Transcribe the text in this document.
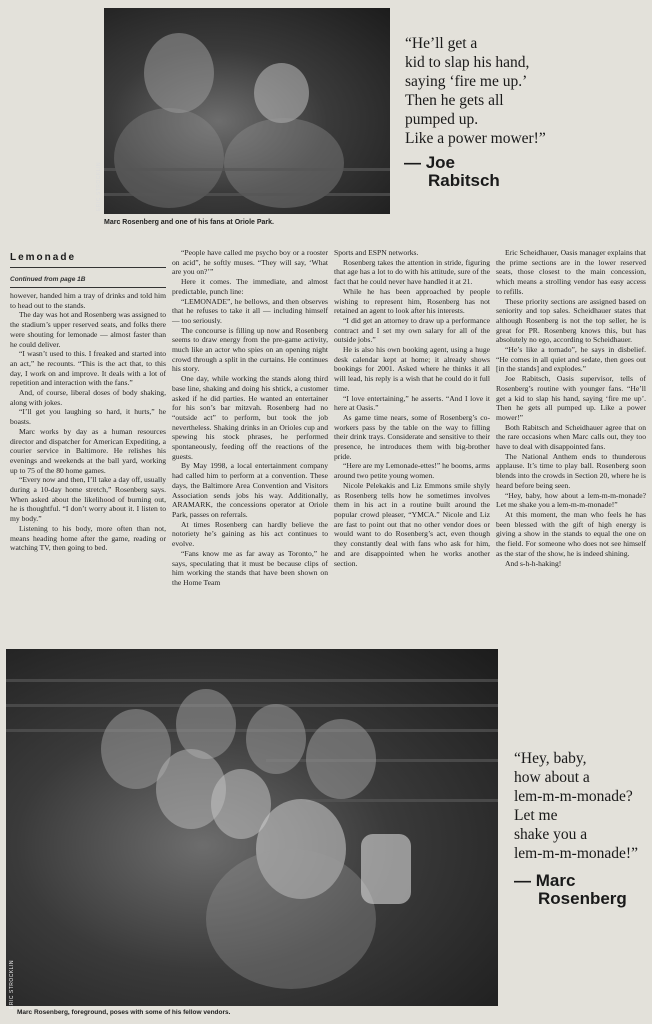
ERIC STROCKLIN
Marc Rosenberg and one of his fans at Oriole Park.
“He’ll get a
kid to slap his hand,
saying ‘fire me up.’
Then he gets all
pumped up.
Like a power mower!”
— Joe
Rabitsch
Lemonade
Continued from page 1B

however, handed him a tray of drinks and told him to head out to the stands.

The day was hot and Rosenberg was assigned to the stadium’s upper reserved seats, and folks there were shouting for lemonade — almost faster than he could deliver.

“I wasn’t used to this. I freaked and started into an act,” he recounts. “This is the act that, to this day, I work on and improve. It deals with a lot of repetition and interaction with the fans.”

And, of course, liberal doses of body shaking, along with jokes.

“I’ll get you laughing so hard, it hurts,” he boasts.

Marc works by day as a human resources director and dispatcher for American Expediting, a courier service in Baltimore. He relishes his evenings and weekends at the ball yard, working up to 75 of the 80 home games.

“Every now and then, I’ll take a day off, usually during a 10-day home stretch,” Rosenberg says. When asked about the likelihood of burning out, he is thoughtful. “I don’t worry about it. I listen to my body.”

Listening to his body, more often than not, means heading home after the game, reading or watching TV, then going to bed.

“People have called me psycho boy or a rooster on acid”, he softly muses. “They will say, ‘What are you on?’”

Here it comes. The immediate, and almost predictable, punch line:

“LEMONADE”, he bellows, and then observes that he refuses to take it all — including himself — too seriously.

The concourse is filling up now and Rosenberg seems to draw energy from the pre-game activity, much like an actor who spies on an opening night crowd through a split in the curtains. He continues his story.

One day, while working the stands along third base line, shaking and doing his shtick, a customer asked if he did parties. He wanted an entertainer for his son’s bar mitzvah. Rosenberg had no “outside act” to perform, but took the job nevertheless. Shaking drinks in an Orioles cup and spewing his stock phrases, he performed spontaneously, feeding off the reactions of the guests.

By May 1998, a local entertainment company had called him to perform at a convention. These days, the Baltimore Area Convention and Visitors Association sends jobs his way. Additionally, ARAMARK, the concessions operator at Oriole Park, passes on referrals.

At times Rosenberg can hardly believe the notoriety he’s gaining as his act continues to evolve.

“Fans know me as far away as Toronto,” he says, speculating that it must be because clips of him working the stands that have been shown on the Home Team

Sports and ESPN networks.

Rosenberg takes the attention in stride, figuring that age has a lot to do with his attitude, sure of the fact that he could never have handled it at 21.

While he has been approached by people wishing to represent him, Rosenberg has not retained an agent to look after his interests.

“I did get an attorney to draw up a performance contract and I set my own salary for all of the outside jobs.”

He is also his own booking agent, using a huge desk calendar kept at home; it already shows bookings for 2001. Asked where he thinks it all will lead, his reply is a wish that he could do it full time.

“I love entertaining,” he asserts. “And I love it here at Oasis.”

As game time nears, some of Rosenberg’s co-workers pass by the table on the way to filling their drink trays. Considerate and sensitive to their presence, he introduces them with big-brother pride.

“Here are my Lemonade-ettes!” he booms, arms around two petite young women.

Nicole Pelekakis and Liz Emmons smile shyly as Rosenberg tells how he sometimes involves them in his act in a routine built around the popular crowd pleaser, “YMCA.” Nicole and Liz are fast to point out that no other vendor does or would want to do Rosenberg’s act, even though they constantly deal with fans who ask for him, and are disappointed when he works another section.

Eric Scheidhauer, Oasis manager explains that the prime sections are in the lower reserved seats, those closest to the main concession, which means a strolling vendor has easy access to refills.

These priority sections are assigned based on seniority and top sales. Scheidhauer states that although Rosenberg is not the top seller, he is great for PR. Rosenberg knows this, but has absolutely no ego, according to Scheidhauer.

“He’s like a tornado”, he says in disbelief. “He comes in all quiet and sedate, then goes out [in the stands] and explodes.”

Joe Rabitsch, Oasis supervisor, tells of Rosenberg’s routine with younger fans. “He’ll get a kid to slap his hand, saying ‘fire me up’. Then he gets all pumped up. Like a power mower!”

Both Rabitsch and Scheidhauer agree that on the rare occasions when Marc calls out, they too have to deal with disappointed fans.

The National Anthem ends to thunderous applause. It’s time to play ball. Rosenberg soon blends into the crowds in Section 20, where he is heard before being seen.

“Hey, baby, how about a lem-m-m-monade? Let me shake you a lem-m-m-monade!”

At this moment, the man who feels he has been blessed with the gift of high energy is giving a show in the stands to equal the one on the field. For someone who does not see himself as the star of the show, he is indeed shining.

And s-h-h-haking!

ERIC STROCKLIN
Marc Rosenberg, foreground, poses with some of his fellow vendors.
“Hey, baby,
how about a
lem-m-m-monade?
Let me
shake you a
lem-m-m-monade!”
— Marc
Rosenberg
